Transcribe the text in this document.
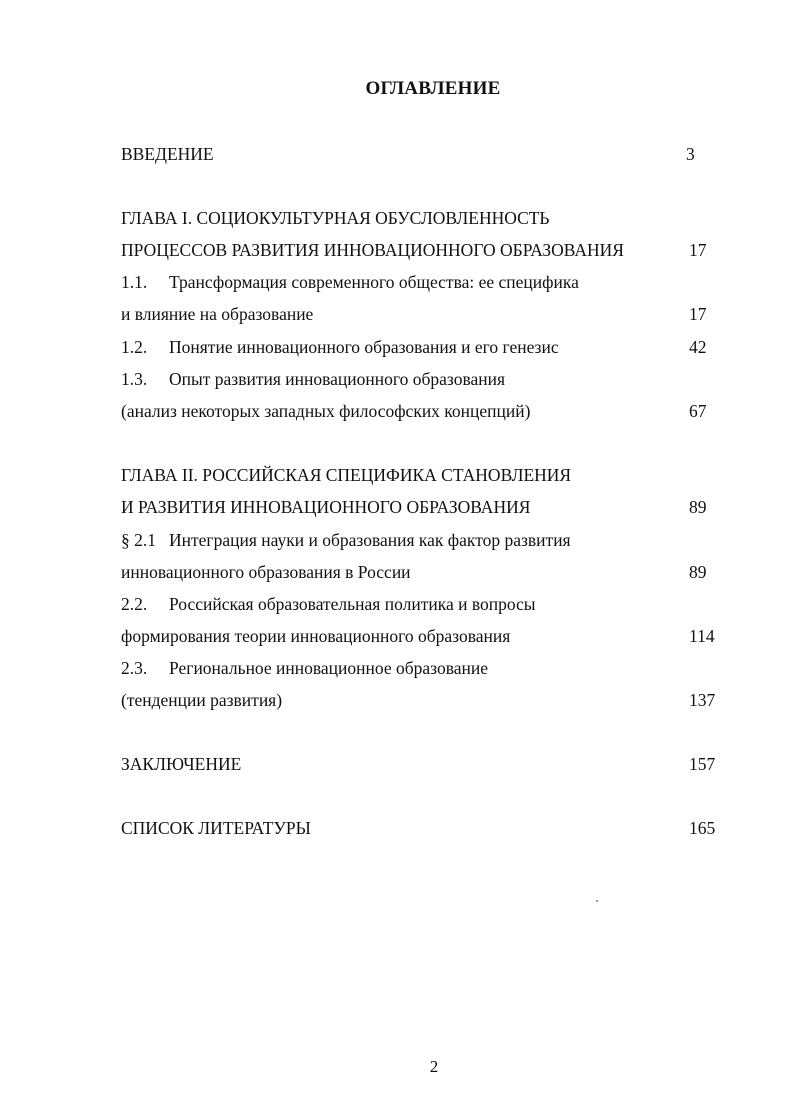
ОГЛАВЛЕНИЕ
ВВЕДЕНИЕ	3
ГЛАВА I. СОЦИОКУЛЬТУРНАЯ ОБУСЛОВЛЕННОСТЬ
ПРОЦЕССОВ РАЗВИТИЯ ИННОВАЦИОННОГО ОБРАЗОВАНИЯ	17
1.1. Трансформация современного общества: ее специфика
и влияние на образование	17
1.2. Понятие инновационного образования и его генезис	42
1.3. Опыт развития инновационного образования
(анализ некоторых западных философских концепций)	67
ГЛАВА II. РОССИЙСКАЯ СПЕЦИФИКА СТАНОВЛЕНИЯ
И РАЗВИТИЯ ИННОВАЦИОННОГО ОБРАЗОВАНИЯ	89
§ 2.1 Интеграция науки и образования как фактор развития
инновационного образования в России	89
2.2. Российская образовательная политика и вопросы
формирования теории инновационного образования	114
2.3. Региональное инновационное образование
(тенденции развития)	137
ЗАКЛЮЧЕНИЕ	157
СПИСОК ЛИТЕРАТУРЫ	165
2
